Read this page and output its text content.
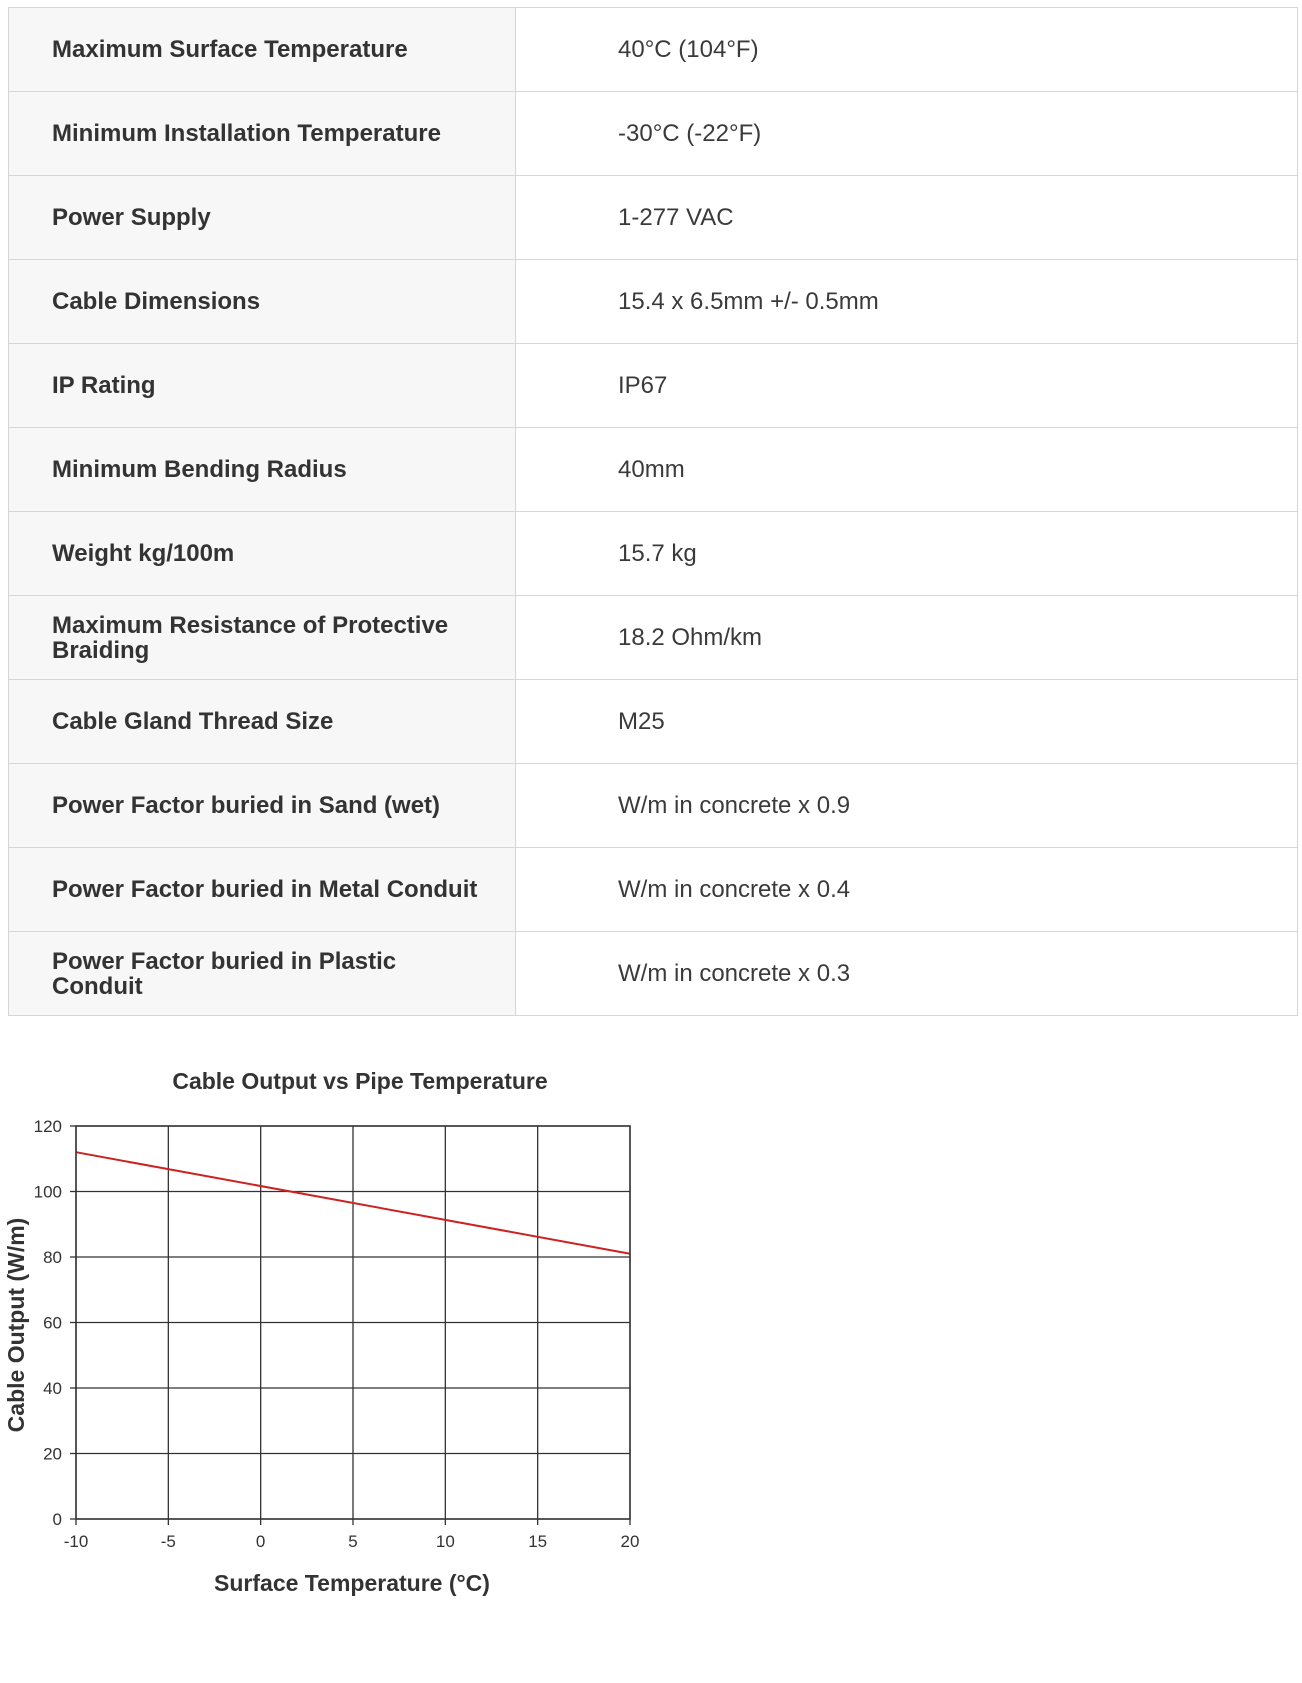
Maximum Surface Temperature	40°C (104°F)
Minimum Installation Temperature	-30°C (-22°F)
Power Supply	1-277 VAC
Cable Dimensions	15.4 x 6.5mm +/- 0.5mm
IP Rating	IP67
Minimum Bending Radius	40mm
Weight kg/100m	15.7 kg
Maximum Resistance of Protective Braiding	18.2 Ohm/km
Cable Gland Thread Size	M25
Power Factor buried in Sand (wet)	W/m in concrete x 0.9
Power Factor buried in Metal Conduit	W/m in concrete x 0.4
Power Factor buried in Plastic Conduit	W/m in concrete x 0.3
Cable Output vs Pipe Temperature
Cable Output (W/m)
Surface Temperature (°C)
-10	-5	0	5	10	15	20
0
20
40
60
80
100
120
